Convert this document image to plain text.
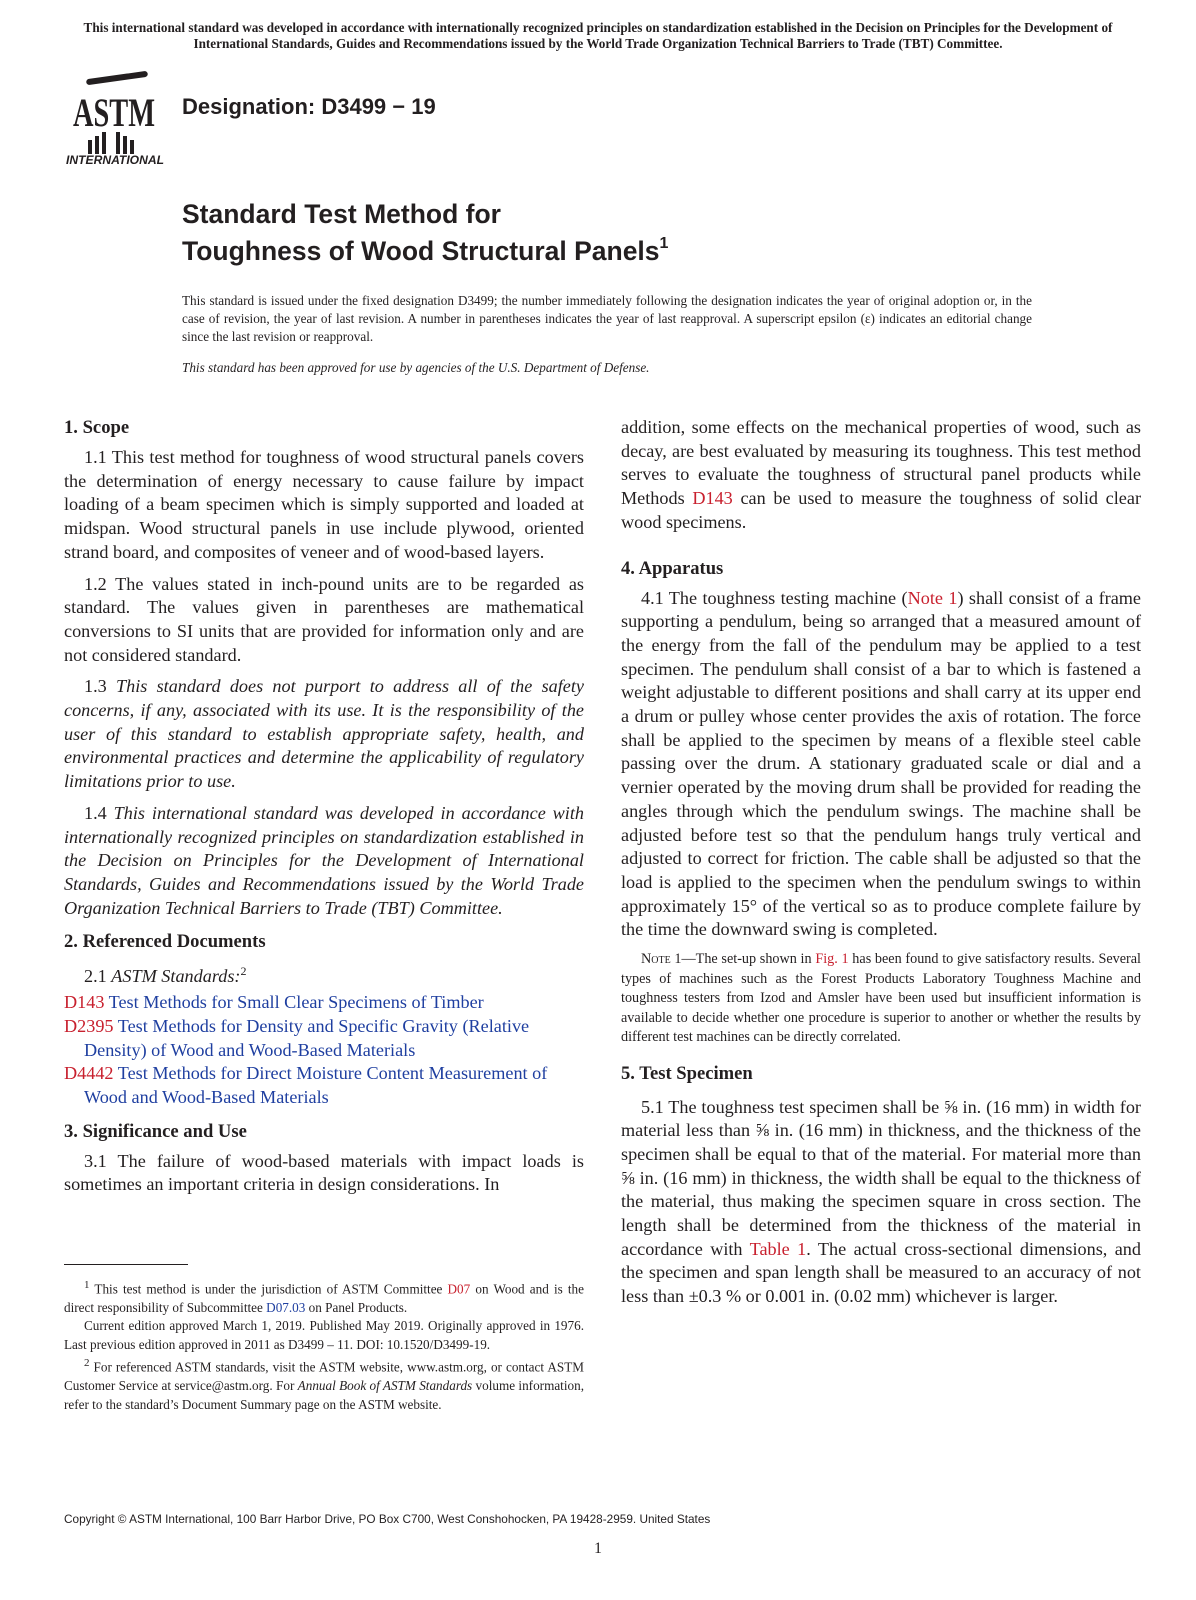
This international standard was developed in accordance with internationally recognized principles on standardization established in the Decision on Principles for the Development of International Standards, Guides and Recommendations issued by the World Trade Organization Technical Barriers to Trade (TBT) Committee.
ASTM
INTERNATIONAL
Designation: D3499 − 19
Standard Test Method for
Toughness of Wood Structural Panels$^1$
This standard is issued under the fixed designation D3499; the number immediately following the designation indicates the year of original adoption or, in the case of revision, the year of last revision. A number in parentheses indicates the year of last reapproval. A superscript epsilon (ε) indicates an editorial change since the last revision or reapproval.
This standard has been approved for use by agencies of the U.S. Department of Defense.
1. Scope

1.1 This test method for toughness of wood structural panels covers the determination of energy necessary to cause failure by impact loading of a beam specimen which is simply supported and loaded at midspan. Wood structural panels in use include plywood, oriented strand board, and composites of veneer and of wood-based layers.

1.2 The values stated in inch-pound units are to be regarded as standard. The values given in parentheses are mathematical conversions to SI units that are provided for information only and are not considered standard.

1.3 This standard does not purport to address all of the safety concerns, if any, associated with its use. It is the responsibility of the user of this standard to establish appropriate safety, health, and environmental practices and determine the applicability of regulatory limitations prior to use.

1.4 This international standard was developed in accordance with internationally recognized principles on standardization established in the Decision on Principles for the Development of International Standards, Guides and Recommendations issued by the World Trade Organization Technical Barriers to Trade (TBT) Committee.

2. Referenced Documents

2.1 ASTM Standards:$^2$

D143 Test Methods for Small Clear Specimens of Timber
D2395 Test Methods for Density and Specific Gravity (Relative Density) of Wood and Wood-Based Materials
D4442 Test Methods for Direct Moisture Content Measurement of Wood and Wood-Based Materials
3. Significance and Use

3.1 The failure of wood-based materials with impact loads is sometimes an important criteria in design considerations. In

$^1$ This test method is under the jurisdiction of ASTM Committee D07 on Wood and is the direct responsibility of Subcommittee D07.03 on Panel Products.

Current edition approved March 1, 2019. Published May 2019. Originally approved in 1976. Last previous edition approved in 2011 as D3499 – 11. DOI: 10.1520/D3499-19.

$^2$ For referenced ASTM standards, visit the ASTM website, www.astm.org, or contact ASTM Customer Service at service@astm.org. For Annual Book of ASTM Standards volume information, refer to the standard’s Document Summary page on the ASTM website.

addition, some effects on the mechanical properties of wood, such as decay, are best evaluated by measuring its toughness. This test method serves to evaluate the toughness of structural panel products while Methods D143 can be used to measure the toughness of solid clear wood specimens.

4. Apparatus

4.1 The toughness testing machine (Note 1) shall consist of a frame supporting a pendulum, being so arranged that a measured amount of the energy from the fall of the pendulum may be applied to a test specimen. The pendulum shall consist of a bar to which is fastened a weight adjustable to different positions and shall carry at its upper end a drum or pulley whose center provides the axis of rotation. The force shall be applied to the specimen by means of a flexible steel cable passing over the drum. A stationary graduated scale or dial and a vernier operated by the moving drum shall be provided for reading the angles through which the pendulum swings. The machine shall be adjusted before test so that the pendulum hangs truly vertical and adjusted to correct for friction. The cable shall be adjusted so that the load is applied to the specimen when the pendulum swings to within approximately 15° of the vertical so as to produce complete failure by the time the downward swing is completed.

Note 1—The set-up shown in Fig. 1 has been found to give satisfactory results. Several types of machines such as the Forest Products Laboratory Toughness Machine and toughness testers from Izod and Amsler have been used but insufficient information is available to decide whether one procedure is superior to another or whether the results by different test machines can be directly correlated.
5. Test Specimen

5.1 The toughness test specimen shall be ⅝ in. (16 mm) in width for material less than ⅝ in. (16 mm) in thickness, and the thickness of the specimen shall be equal to that of the material. For material more than ⅝ in. (16 mm) in thickness, the width shall be equal to the thickness of the material, thus making the specimen square in cross section. The length shall be determined from the thickness of the material in accordance with Table 1. The actual cross-sectional dimensions, and the specimen and span length shall be measured to an accuracy of not less than ±0.3 % or 0.001 in. (0.02 mm) whichever is larger.

Copyright © ASTM International, 100 Barr Harbor Drive, PO Box C700, West Conshohocken, PA 19428-2959. United States
1
